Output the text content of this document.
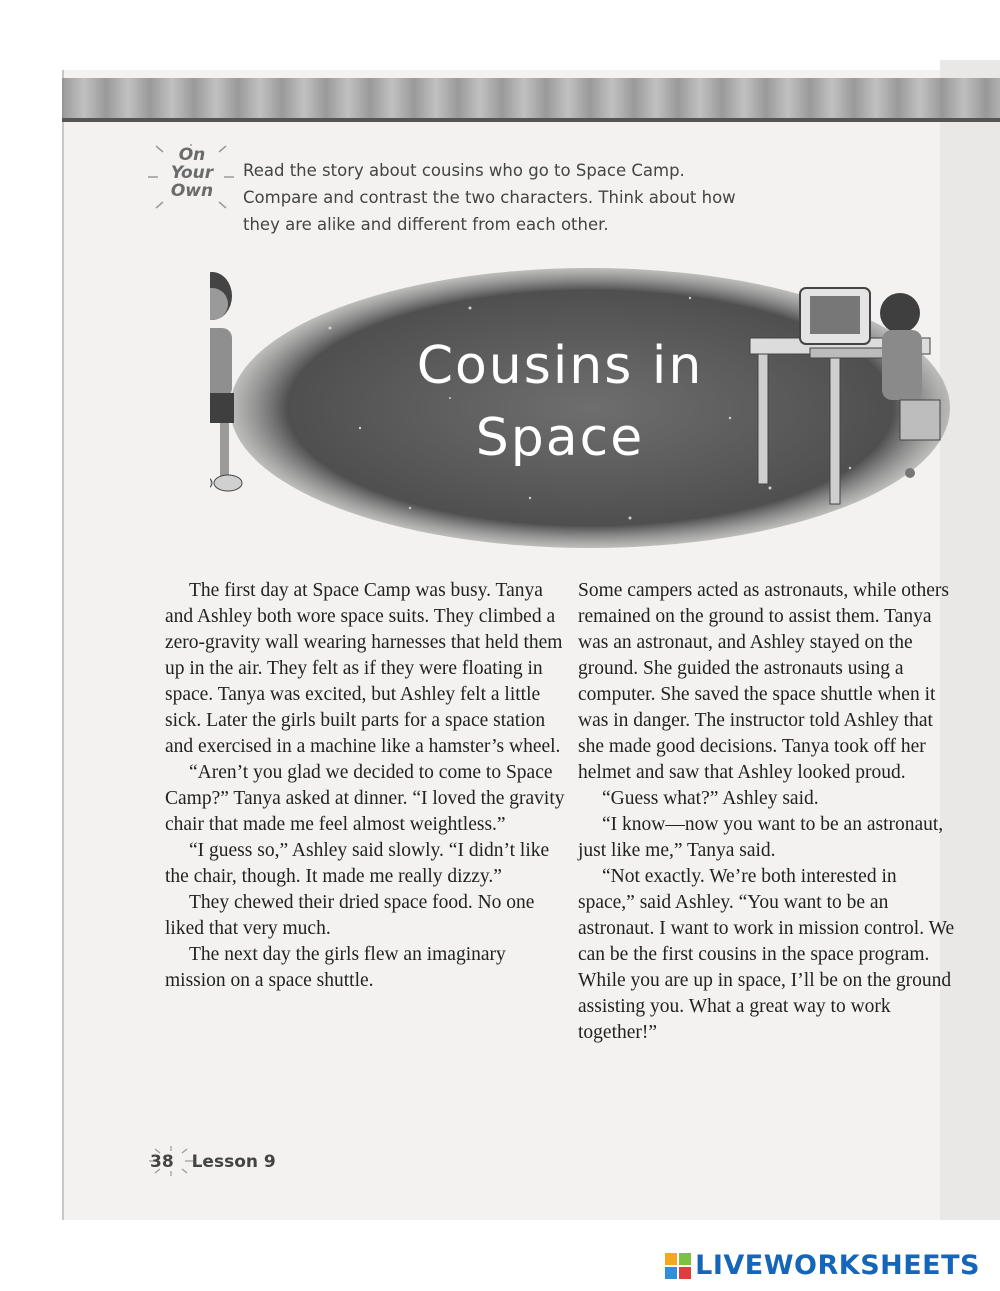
On
Your
Own
Read the story about cousins who go to Space Camp. Compare and contrast the two characters. Think about how they are alike and different from each other.
Cousins in
Space

The first day at Space Camp was busy. Tanya and Ashley both wore space suits. They climbed a zero-gravity wall wearing harnesses that held them up in the air. They felt as if they were floating in space. Tanya was excited, but Ashley felt a little sick. Later the girls built parts for a space station and exercised in a machine like a hamster’s wheel.

“Aren’t you glad we decided to come to Space Camp?” Tanya asked at dinner. “I loved the gravity chair that made me feel almost weightless.”

“I guess so,” Ashley said slowly. “I didn’t like the chair, though. It made me really dizzy.”

They chewed their dried space food. No one liked that very much.

The next day the girls flew an imaginary mission on a space shuttle.

Some campers acted as astronauts, while others remained on the ground to assist them. Tanya was an astronaut, and Ashley stayed on the ground. She guided the astronauts using a computer. She saved the space shuttle when it was in danger. The instructor told Ashley that she made good decisions. Tanya took off her helmet and saw that Ashley looked proud.

“Guess what?” Ashley said.

“I know—now you want to be an astronaut, just like me,” Tanya said.

“Not exactly. We’re both interested in space,” said Ashley. “You want to be an astronaut. I want to work in mission control. We can be the first cousins in the space program. While you are up in space, I’ll be on the ground assisting you. What a great way to work together!”

38 Lesson 9
LIVEWORKSHEETS
